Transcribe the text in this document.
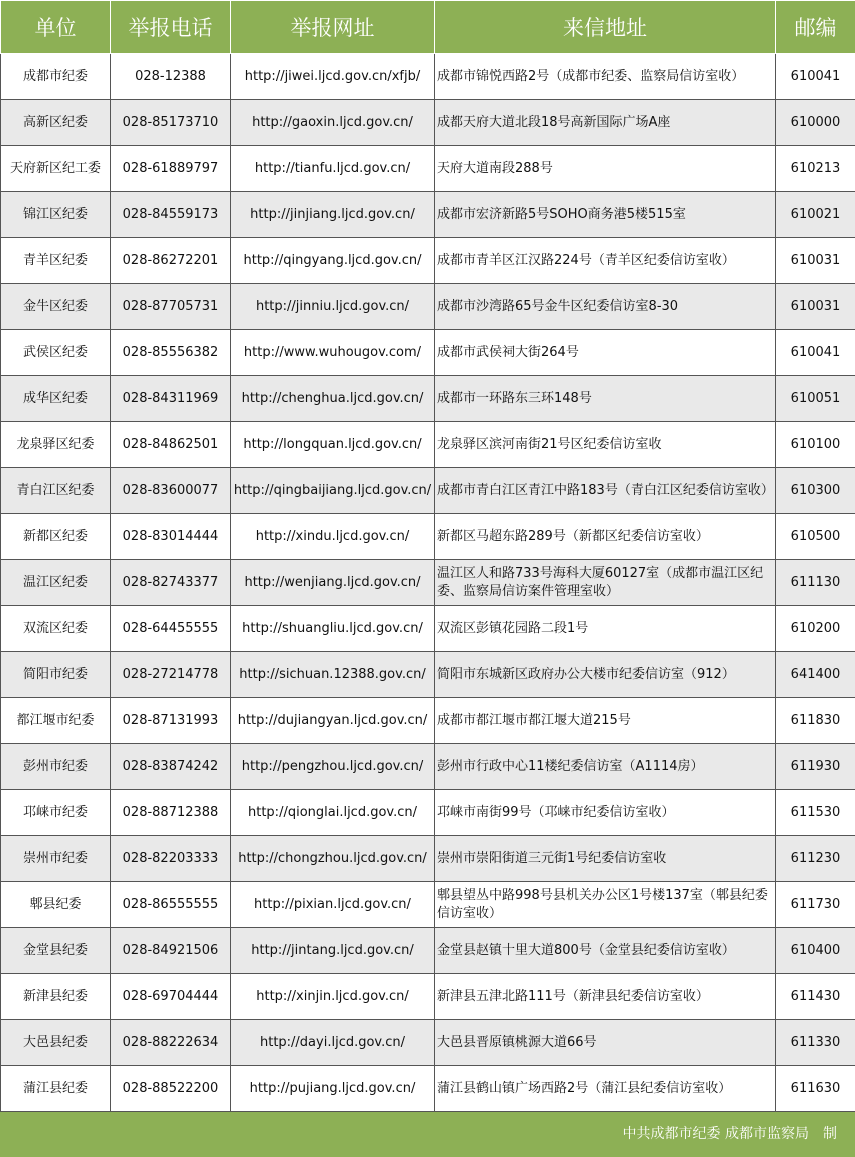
单位	举报电话	举报网址	来信地址	邮编
成都市纪委	028-12388	http://jiwei.ljcd.gov.cn/xfjb/	成都市锦悦西路2号（成都市纪委、监察局信访室收）	610041
高新区纪委	028-85173710	http://gaoxin.ljcd.gov.cn/	成都天府大道北段18号高新国际广场A座	610000
天府新区纪工委	028-61889797	http://tianfu.ljcd.gov.cn/	天府大道南段288号	610213
锦江区纪委	028-84559173	http://jinjiang.ljcd.gov.cn/	成都市宏济新路5号SOHO商务港5楼515室	610021
青羊区纪委	028-86272201	http://qingyang.ljcd.gov.cn/	成都市青羊区江汉路224号（青羊区纪委信访室收）	610031
金牛区纪委	028-87705731	http://jinniu.ljcd.gov.cn/	成都市沙湾路65号金牛区纪委信访室8-30	610031
武侯区纪委	028-85556382	http://www.wuhougov.com/	成都市武侯祠大街264号	610041
成华区纪委	028-84311969	http://chenghua.ljcd.gov.cn/	成都市一环路东三环148号	610051
龙泉驿区纪委	028-84862501	http://longquan.ljcd.gov.cn/	龙泉驿区滨河南街21号区纪委信访室收	610100
青白江区纪委	028-83600077	http://qingbaijiang.ljcd.gov.cn/	成都市青白江区青江中路183号（青白江区纪委信访室收）	610300
新都区纪委	028-83014444	http://xindu.ljcd.gov.cn/	新都区马超东路289号（新都区纪委信访室收）	610500
温江区纪委	028-82743377	http://wenjiang.ljcd.gov.cn/	温江区人和路733号海科大厦60127室（成都市温江区纪委、监察局信访案件管理室收）	611130
双流区纪委	028-64455555	http://shuangliu.ljcd.gov.cn/	双流区彭镇花园路二段1号	610200
简阳市纪委	028-27214778	http://sichuan.12388.gov.cn/	简阳市东城新区政府办公大楼市纪委信访室（912）	641400
都江堰市纪委	028-87131993	http://dujiangyan.ljcd.gov.cn/	成都市都江堰市都江堰大道215号	611830
彭州市纪委	028-83874242	http://pengzhou.ljcd.gov.cn/	彭州市行政中心11楼纪委信访室（A1114房）	611930
邛崃市纪委	028-88712388	http://qionglai.ljcd.gov.cn/	邛崃市南街99号（邛崃市纪委信访室收）	611530
崇州市纪委	028-82203333	http://chongzhou.ljcd.gov.cn/	崇州市崇阳街道三元街1号纪委信访室收	611230
郫县纪委	028-86555555	http://pixian.ljcd.gov.cn/	郫县望丛中路998号县机关办公区1号楼137室（郫县纪委信访室收）	611730
金堂县纪委	028-84921506	http://jintang.ljcd.gov.cn/	金堂县赵镇十里大道800号（金堂县纪委信访室收）	610400
新津县纪委	028-69704444	http://xinjin.ljcd.gov.cn/	新津县五津北路111号（新津县纪委信访室收）	611430
大邑县纪委	028-88222634	http://dayi.ljcd.gov.cn/	大邑县晋原镇桃源大道66号	611330
蒲江县纪委	028-88522200	http://pujiang.ljcd.gov.cn/	蒲江县鹤山镇广场西路2号（蒲江县纪委信访室收）	611630
中共成都市纪委 成都市监察局　制
